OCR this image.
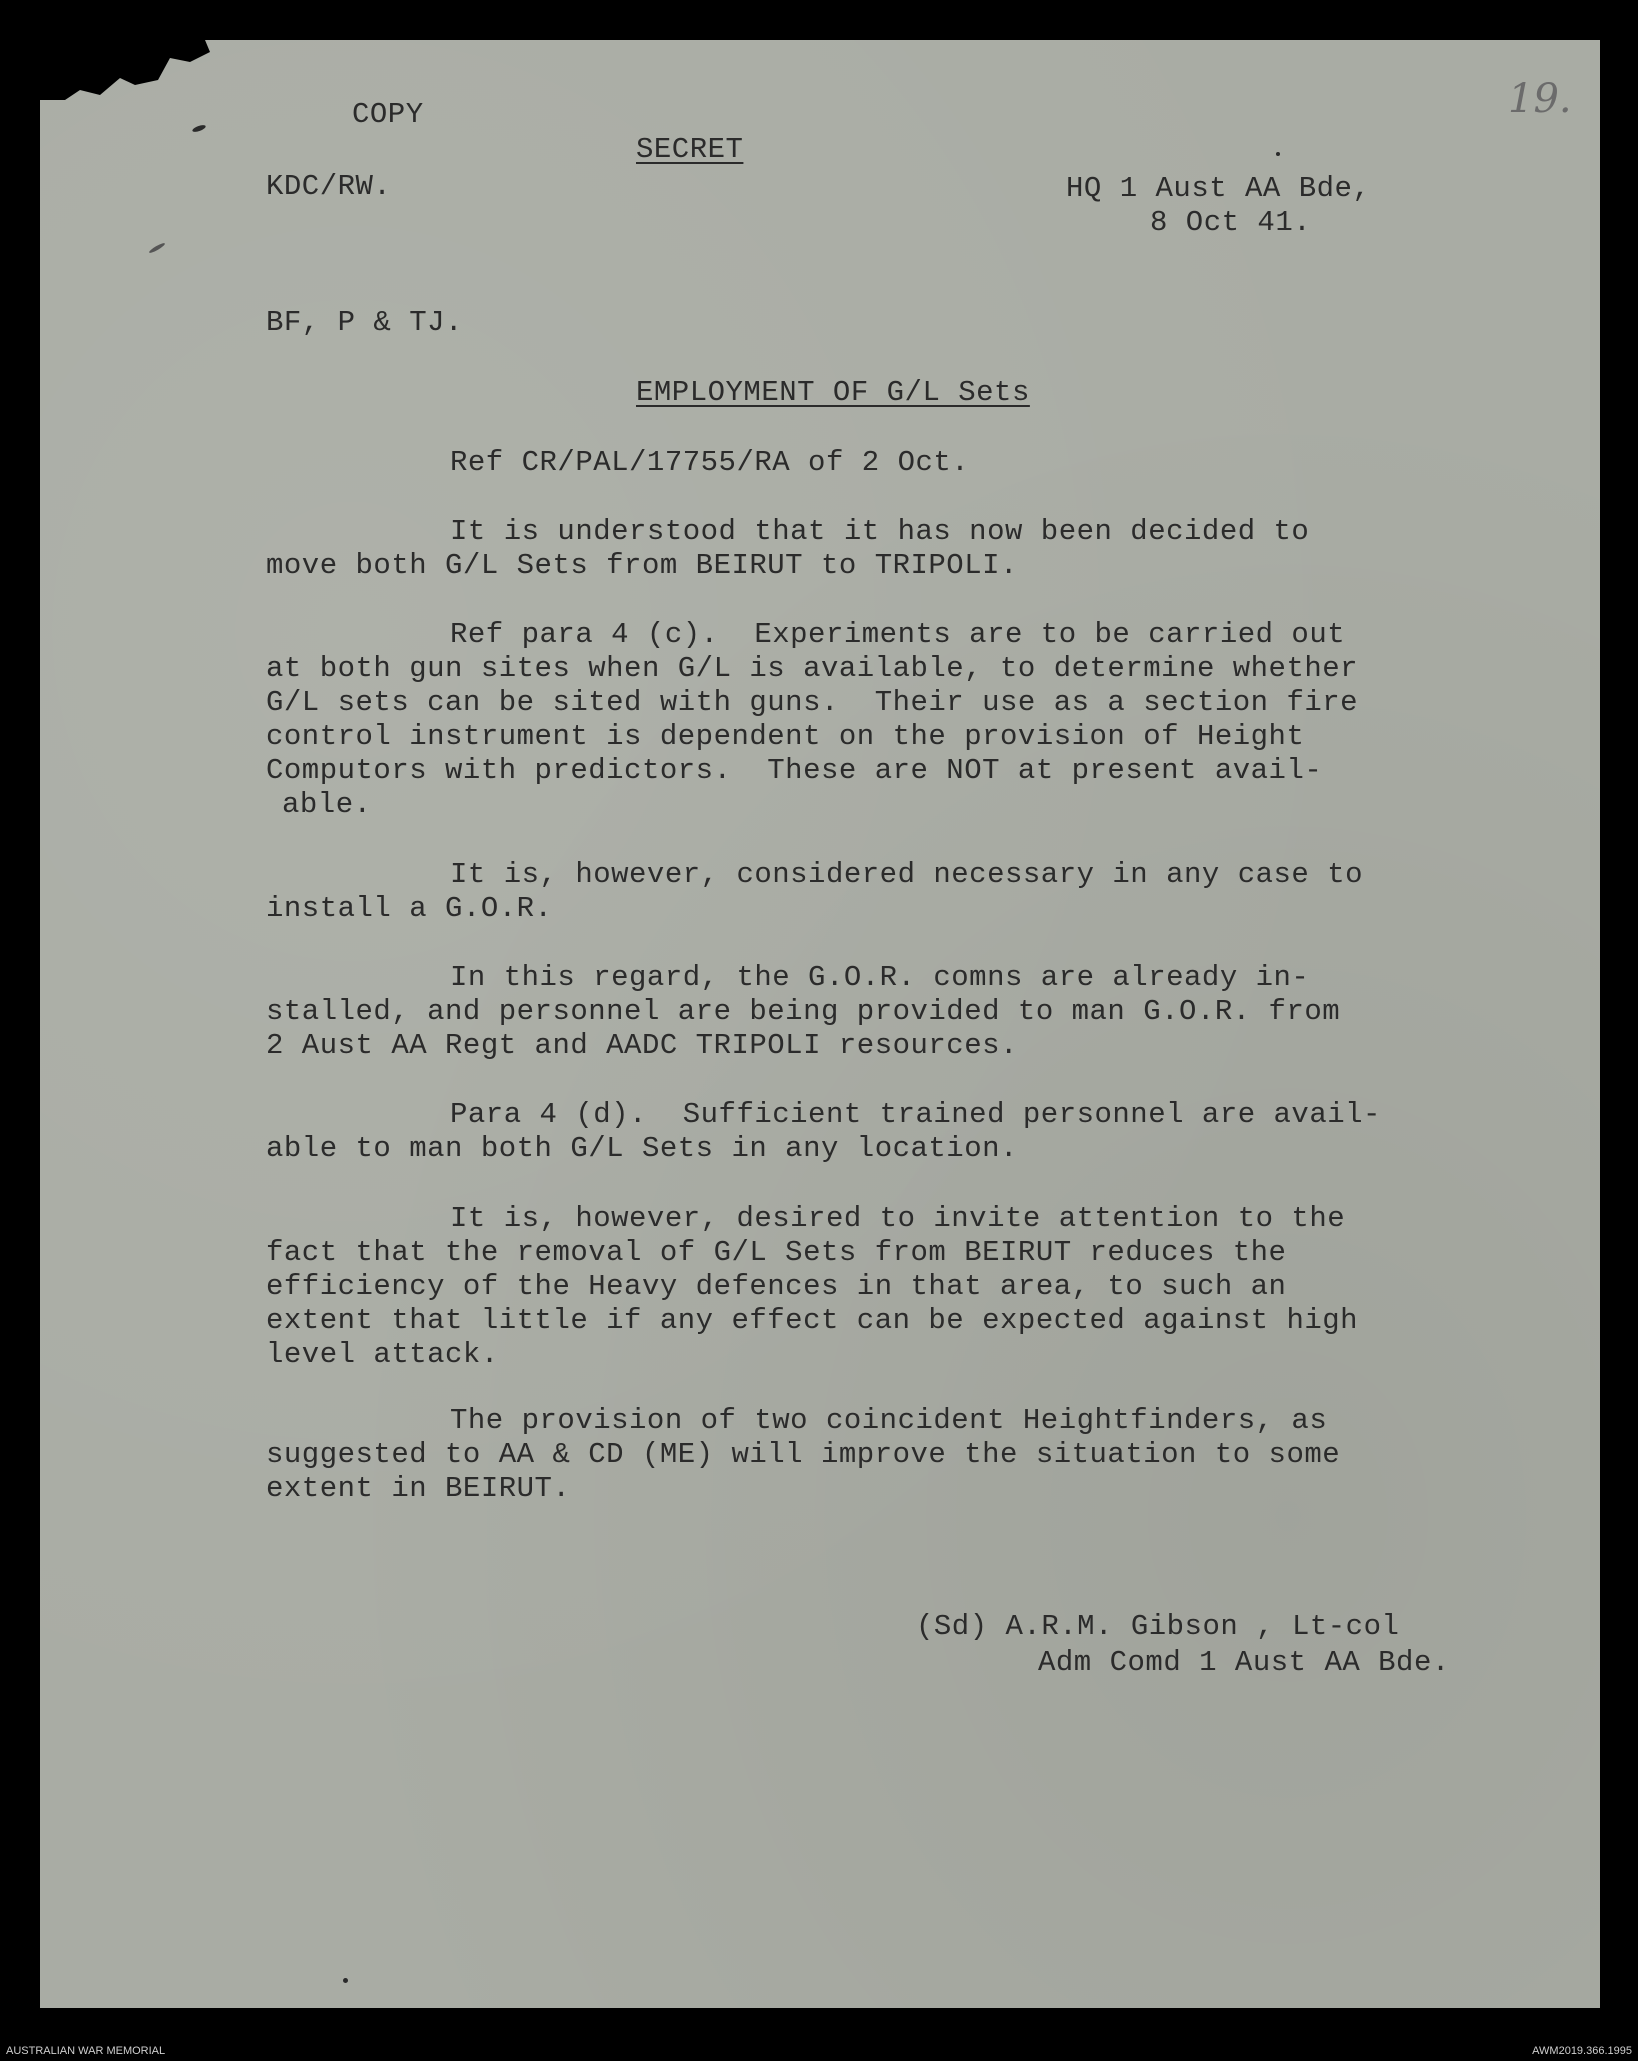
19.
COPY
SECRET
KDC/RW.	HQ 1 Aust AA Bde,
8 Oct 41.
BF, P & TJ.
EMPLOYMENT OF G/L Sets
Ref CR/PAL/17755/RA of 2 Oct.
It is understood that it has now been decided to
move both G/L Sets from BEIRUT to TRIPOLI.
Ref para 4 (c).  Experiments are to be carried out
at both gun sites when G/L is available, to determine whether
G/L sets can be sited with guns.  Their use as a section fire
control instrument is dependent on the provision of Height
Computors with predictors.  These are NOT at present avail-
able.
It is, however, considered necessary in any case to
install a G.O.R.
In this regard, the G.O.R. comns are already in-
stalled, and personnel are being provided to man G.O.R. from
2 Aust AA Regt and AADC TRIPOLI resources.
Para 4 (d).  Sufficient trained personnel are avail-
able to man both G/L Sets in any location.
It is, however, desired to invite attention to the
fact that the removal of G/L Sets from BEIRUT reduces the
efficiency of the Heavy defences in that area, to such an
extent that little if any effect can be expected against high
level attack.
The provision of two coincident Heightfinders, as
suggested to AA & CD (ME) will improve the situation to some
extent in BEIRUT.
(Sd) A.R.M. Gibson , Lt-col
Adm Comd 1 Aust AA Bde.
AUSTRALIAN WAR MEMORIAL	AWM2019.366.1995
